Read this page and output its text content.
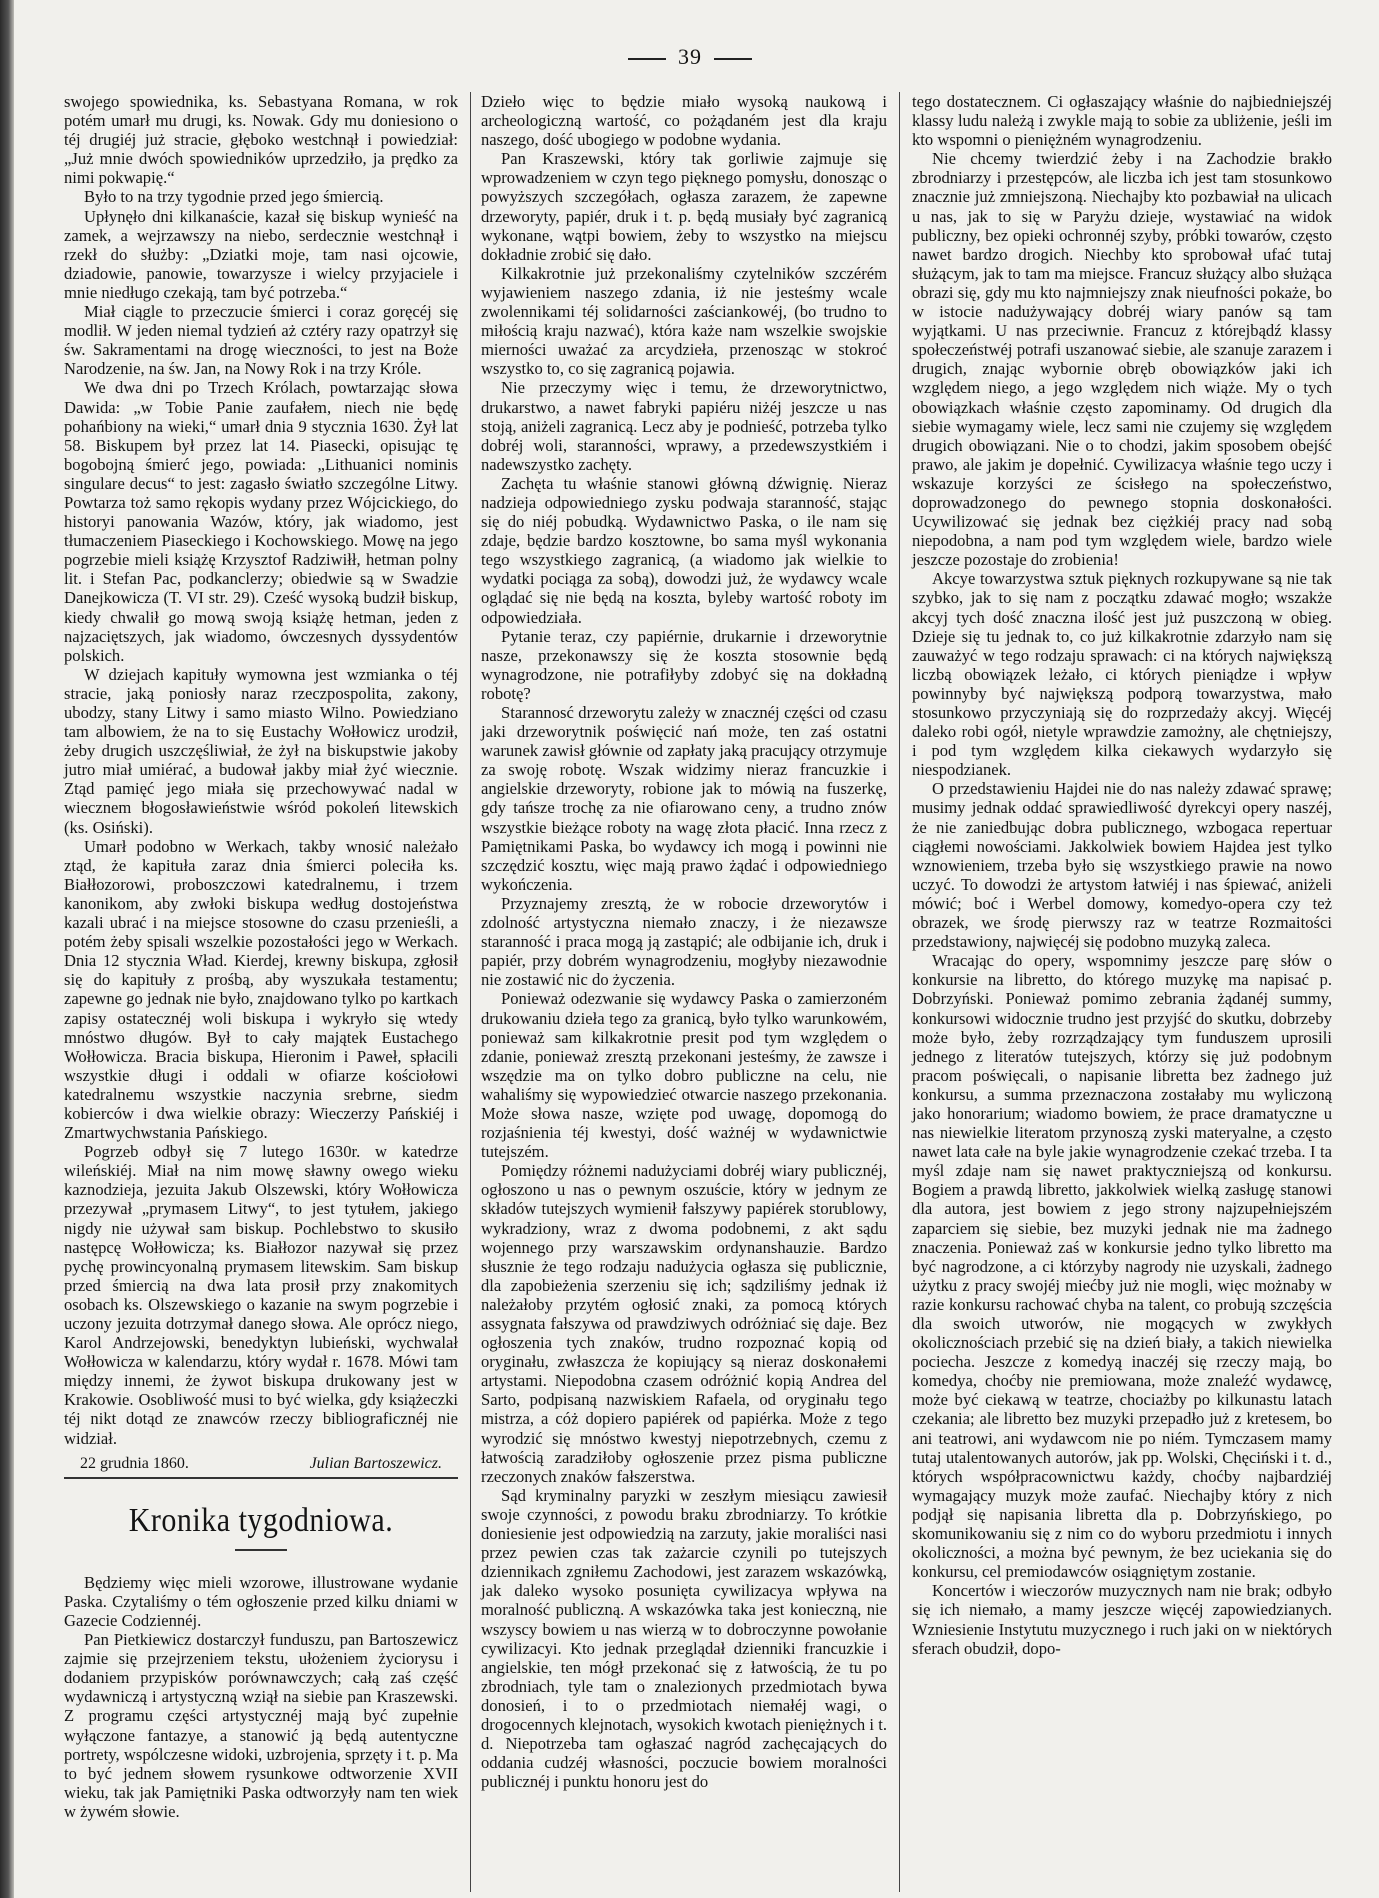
39

swojego spowiednika, ks. Sebastyana Romana, w rok potém umarł mu drugi, ks. Nowak. Gdy mu doniesiono o téj drugiéj już stracie, głęboko westchnął i powiedział: „Już mnie dwóch spowiedników uprzedziło, ja prędko za nimi pokwapię.“

Było to na trzy tygodnie przed jego śmiercią.

Upłynęło dni kilkanaście, kazał się biskup wynieść na zamek, a wejrzawszy na niebo, serdecznie westchnął i rzekł do służby: „Dziatki moje, tam nasi ojcowie, dziadowie, panowie, towarzysze i wielcy przyjaciele i mnie niedługo czekają, tam być potrzeba.“

Miał ciągle to przeczucie śmierci i coraz goręcéj się modlił. W jeden niemal tydzień aż cztéry razy opatrzył się św. Sakramentami na drogę wieczności, to jest na Boże Narodzenie, na św. Jan, na Nowy Rok i na trzy Króle.

We dwa dni po Trzech Królach, powtarzając słowa Dawida: „w Tobie Panie zaufałem, niech nie będę pohańbiony na wieki,“ umarł dnia 9 stycznia 1630. Żył lat 58. Biskupem był przez lat 14. Piasecki, opisując tę bogobojną śmierć jego, powiada: „Lithuanici nominis singulare decus“ to jest: zagasło światło szczególne Litwy. Powtarza toż samo rękopis wydany przez Wójcickiego, do historyi panowania Wazów, który, jak wiadomo, jest tłumaczeniem Piaseckiego i Kochowskiego. Mowę na jego pogrzebie mieli książę Krzysztof Radziwiłł, hetman polny lit. i Stefan Pac, podkanclerzy; obiedwie są w Swadzie Danejkowicza (T. VI str. 29). Cześć wysoką budził biskup, kiedy chwalił go mową swoją książę hetman, jeden z najzaciętszych, jak wiadomo, ówczesnych dyssydentów polskich.

W dziejach kapituły wymowna jest wzmianka o téj stracie, jaką poniosły naraz rzeczpospolita, zakony, ubodzy, stany Litwy i samo miasto Wilno. Powiedziano tam albowiem, że na to się Eustachy Wołłowicz urodził, żeby drugich uszczęśliwiał, że żył na biskupstwie jakoby jutro miał umiérać, a budował jakby miał żyć wiecznie. Ztąd pamięć jego miała się przechowywać nadal w wiecznem błogosławieństwie wśród pokoleń litewskich (ks. Osiński).

Umarł podobno w Werkach, takby wnosić należało ztąd, że kapituła zaraz dnia śmierci poleciła ks. Białłozorowi, proboszczowi katedralnemu, i trzem kanonikom, aby zwłoki biskupa według dostojeństwa kazali ubrać i na miejsce stosowne do czasu przenieśli, a potém żeby spisali wszelkie pozostałości jego w Werkach. Dnia 12 stycznia Wład. Kierdej, krewny biskupa, zgłosił się do kapituły z prośbą, aby wyszukała testamentu; zapewne go jednak nie było, znajdowano tylko po kartkach zapisy ostatecznéj woli biskupa i wykryło się wtedy mnóstwo długów. Był to cały majątek Eustachego Wołłowicza. Bracia biskupa, Hieronim i Paweł, spłacili wszystkie długi i oddali w ofiarze kościołowi katedralnemu wszystkie naczynia srebrne, siedm kobierców i dwa wielkie obrazy: Wieczerzy Pańskiéj i Zmartwychwstania Pańskiego.

Pogrzeb odbył się 7 lutego 1630r. w katedrze wileńskiéj. Miał na nim mowę sławny owego wieku kaznodzieja, jezuita Jakub Olszewski, który Wołłowicza przezywał „prymasem Litwy“, to jest tytułem, jakiego nigdy nie używał sam biskup. Pochlebstwo to skusiło następcę Wołłowicza; ks. Białłozor nazywał się przez pychę prowincyonalną prymasem litewskim. Sam biskup przed śmiercią na dwa lata prosił przy znakomitych osobach ks. Olszewskiego o kazanie na swym pogrzebie i uczony jezuita dotrzymał danego słowa. Ale oprócz niego, Karol Andrzejowski, benedyktyn lubieński, wychwalał Wołłowicza w kalendarzu, który wydał r. 1678. Mówi tam między innemi, że żywot biskupa drukowany jest w Krakowie. Osobliwość musi to być wielka, gdy książeczki téj nikt dotąd ze znawców rzeczy bibliograficznéj nie widział.

22 grudnia 1860.	Julian Bartoszewicz.
Kronika tygodniowa.

Będziemy więc mieli wzorowe, illustrowane wydanie Paska. Czytaliśmy o tém ogłoszenie przed kilku dniami w Gazecie Codziennéj.

Pan Pietkiewicz dostarczył funduszu, pan Bartoszewicz zajmie się przejrzeniem tekstu, ułożeniem życiorysu i dodaniem przypisków porównawczych; całą zaś część wydawniczą i artystyczną wziął na siebie pan Kraszewski. Z programu części artystycznéj mają być zupełnie wyłączone fantazye, a stanowić ją będą autentyczne portrety, wspólczesne widoki, uzbrojenia, sprzęty i t. p. Ma to być jednem słowem rysunkowe odtworzenie XVII wieku, tak jak Pamiętniki Paska odtworzyły nam ten wiek w żywém słowie.

Dzieło więc to będzie miało wysoką naukową i archeologiczną wartość, co pożądaném jest dla kraju naszego, dość ubogiego w podobne wydania.

Pan Kraszewski, który tak gorliwie zajmuje się wprowadzeniem w czyn tego pięknego pomysłu, donosząc o powyższych szczegółach, ogłasza zarazem, że zapewne drzeworyty, papiér, druk i t. p. będą musiały być zagranicą wykonane, wątpi bowiem, żeby to wszystko na miejscu dokładnie zrobić się dało.

Kilkakrotnie już przekonaliśmy czytelników szczérém wyjawieniem naszego zdania, iż nie jesteśmy wcale zwolennikami téj solidarności zaściankowéj, (bo trudno to miłością kraju nazwać), która każe nam wszelkie swojskie mierności uważać za arcydzieła, przenosząc w stokroć wszystko to, co się zagranicą pojawia.

Nie przeczymy więc i temu, że drzeworytnictwo, drukarstwo, a nawet fabryki papiéru niżéj jeszcze u nas stoją, aniżeli zagranicą. Lecz aby je podnieść, potrzeba tylko dobréj woli, staranności, wprawy, a przedewszystkiém i nadewszystko zachęty.

Zachęta tu właśnie stanowi główną dźwignię. Nieraz nadzieja odpowiedniego zysku podwaja staranność, stając się do niéj pobudką. Wydawnictwo Paska, o ile nam się zdaje, będzie bardzo kosztowne, bo sama myśl wykonania tego wszystkiego zagranicą, (a wiadomo jak wielkie to wydatki pociąga za sobą), dowodzi już, że wydawcy wcale oglądać się nie będą na koszta, byleby wartość roboty im odpowiedziała.

Pytanie teraz, czy papiérnie, drukarnie i drzeworytnie nasze, przekonawszy się że koszta stosownie będą wynagrodzone, nie potrafiłyby zdobyć się na dokładną robotę?

Starannosć drzeworytu zależy w znacznéj części od czasu jaki drzeworytnik poświęcić nań może, ten zaś ostatni warunek zawisł głównie od zapłaty jaką pracujący otrzymuje za swoję robotę. Wszak widzimy nieraz francuzkie i angielskie drzeworyty, robione jak to mówią na fuszerkę, gdy tańsze trochę za nie ofiarowano ceny, a trudno znów wszystkie bieżące roboty na wagę złota płacić. Inna rzecz z Pamiętnikami Paska, bo wydawcy ich mogą i powinni nie szczędzić kosztu, więc mają prawo żądać i odpowiedniego wykończenia.

Przyznajemy zresztą, że w robocie drzeworytów i zdolność artystyczna niemało znaczy, i że niezawsze staranność i praca mogą ją zastąpić; ale odbijanie ich, druk i papiér, przy dobrém wynagrodzeniu, mogłyby niezawodnie nie zostawić nic do życzenia.

Ponieważ odezwanie się wydawcy Paska o zamierzoném drukowaniu dzieła tego za granicą, było tylko warunkowém, ponieważ sam kilkakrotnie presit pod tym względem o zdanie, ponieważ zresztą przekonani jesteśmy, że zawsze i wszędzie ma on tylko dobro publiczne na celu, nie wahaliśmy się wypowiedzieć otwarcie naszego przekonania. Może słowa nasze, wzięte pod uwagę, dopomogą do rozjaśnienia téj kwestyi, dość ważnéj w wydawnictwie tutejszém.

Pomiędzy różnemi nadużyciami dobréj wiary publicznéj, ogłoszono u nas o pewnym oszuście, który w jednym ze składów tutejszych wymienił fałszywy papiérek storublowy, wykradziony, wraz z dwoma podobnemi, z akt sądu wojennego przy warszawskim ordynanshauzie. Bardzo słusznie że tego rodzaju nadużycia ogłasza się publicznie, dla zapobieżenia szerzeniu się ich; sądziliśmy jednak iż należałoby przytém ogłosić znaki, za pomocą których assygnata fałszywa od prawdziwych odróżniać się daje. Bez ogłoszenia tych znaków, trudno rozpoznać kopią od oryginału, zwłaszcza że kopiujący są nieraz doskonałemi artystami. Niepodobna czasem odróżnić kopią Andrea del Sarto, podpisaną nazwiskiem Rafaela, od oryginału tego mistrza, a cóż dopiero papiérek od papiérka. Może z tego wyrodzić się mnóstwo kwestyj niepotrzebnych, czemu z łatwością zaradziłoby ogłoszenie przez pisma publiczne rzeczonych znaków fałszerstwa.

Sąd kryminalny paryzki w zeszłym miesiącu zawiesił swoje czynności, z powodu braku zbrodniarzy. To krótkie doniesienie jest odpowiedzią na zarzuty, jakie moraliści nasi przez pewien czas tak zażarcie czynili po tutejszych dziennikach zgniłemu Zachodowi, jest zarazem wskazówką, jak daleko wysoko posunięta cywilizacya wpływa na moralność publiczną. A wskazówka taka jest konieczną, nie wszyscy bowiem u nas wierzą w to dobroczynne powołanie cywilizacyi. Kto jednak przeglądał dzienniki francuzkie i angielskie, ten mógł przekonać się z łatwością, że tu po zbrodniach, tyle tam o znalezionych przedmiotach bywa donosień, i to o przedmiotach niemałéj wagi, o drogocennych klejnotach, wysokich kwotach pieniężnych i t. d. Niepotrzeba tam ogłaszać nagród zachęcających do oddania cudzéj własności, poczucie bowiem moralności publicznéj i punktu honoru jest do

tego dostatecznem. Ci ogłaszający właśnie do najbiedniejszéj klassy ludu należą i zwykle mają to sobie za ubliżenie, jeśli im kto wspomni o pieniężném wynagrodzeniu.

Nie chcemy twierdzić żeby i na Zachodzie brakło zbrodniarzy i przestępców, ale liczba ich jest tam stosunkowo znacznie już zmniejszoną. Niechajby kto pozbawiał na ulicach u nas, jak to się w Paryżu dzieje, wystawiać na widok publiczny, bez opieki ochronnéj szyby, próbki towarów, często nawet bardzo drogich. Niechby kto sprobował ufać tutaj służącym, jak to tam ma miejsce. Francuz służący albo służąca obrazi się, gdy mu kto najmniejszy znak nieufności pokaże, bo w istocie nadużywający dobréj wiary panów są tam wyjątkami. U nas przeciwnie. Francuz z którejbądź klassy społeczeństwéj potrafi uszanować siebie, ale szanuje zarazem i drugich, znając wybornie obręb obowiązków jaki ich względem niego, a jego względem nich wiąże. My o tych obowiązkach właśnie często zapominamy. Od drugich dla siebie wymagamy wiele, lecz sami nie czujemy się względem drugich obowiązani. Nie o to chodzi, jakim sposobem obejść prawo, ale jakim je dopełnić. Cywilizacya właśnie tego uczy i wskazuje korzyści ze ścisłego na społeczeństwo, doprowadzonego do pewnego stopnia doskonałości. Ucywilizować się jednak bez ciężkiéj pracy nad sobą niepodobna, a nam pod tym względem wiele, bardzo wiele jeszcze pozostaje do zrobienia!

Akcye towarzystwa sztuk pięknych rozkupywane są nie tak szybko, jak to się nam z początku zdawać mogło; wszakże akcyj tych dość znaczna ilość jest już puszczoną w obieg. Dzieje się tu jednak to, co już kilkakrotnie zdarzyło nam się zauważyć w tego rodzaju sprawach: ci na których największą liczbą obowiązek leżało, ci których pieniądze i wpływ powinnyby być największą podporą towarzystwa, mało stosunkowo przyczyniają się do rozprzedaży akcyj. Więcéj daleko robi ogół, nietyle wprawdzie zamożny, ale chętniejszy, i pod tym względem kilka ciekawych wydarzyło się niespodzianek.

O przedstawieniu Hajdei nie do nas należy zdawać sprawę; musimy jednak oddać sprawiedliwość dyrekcyi opery naszéj, że nie zaniedbując dobra publicznego, wzbogaca repertuar ciągłemi nowościami. Jakkolwiek bowiem Hajdea jest tylko wznowieniem, trzeba było się wszystkiego prawie na nowo uczyć. To dowodzi że artystom łatwiéj i nas śpiewać, aniżeli mówić; boć i Werbel domowy, komedyo-opera czy też obrazek, we środę pierwszy raz w teatrze Rozmaitości przedstawiony, najwięcéj się podobno muzyką zaleca.

Wracając do opery, wspomnimy jeszcze parę słów o konkursie na libretto, do którego muzykę ma napisać p. Dobrzyński. Ponieważ pomimo zebrania żądanéj summy, konkursowi widocznie trudno jest przyjść do skutku, dobrzeby może było, żeby rozrządzający tym funduszem uprosili jednego z literatów tutejszych, którzy się już podobnym pracom poświęcali, o napisanie libretta bez żadnego już konkursu, a summa przeznaczona zostałaby mu wyliczoną jako honorarium; wiadomo bowiem, że prace dramatyczne u nas niewielkie literatom przynoszą zyski materyalne, a często nawet lata całe na byle jakie wynagrodzenie czekać trzeba. I ta myśl zdaje nam się nawet praktyczniejszą od konkursu. Bogiem a prawdą libretto, jakkolwiek wielką zasługę stanowi dla autora, jest bowiem z jego strony najzupełniejszém zaparciem się siebie, bez muzyki jednak nie ma żadnego znaczenia. Ponieważ zaś w konkursie jedno tylko libretto ma być nagrodzone, a ci którzyby nagrody nie uzyskali, żadnego użytku z pracy swojéj miećby już nie mogli, więc możnaby w razie konkursu rachować chyba na talent, co probują szczęścia dla swoich utworów, nie mogących w zwykłych okolicznościach przebić się na dzień biały, a takich niewielka pociecha. Jeszcze z komedyą inaczéj się rzeczy mają, bo komedya, choćby nie premiowana, może znaleźć wydawcę, może być ciekawą w teatrze, chociażby po kilkunastu latach czekania; ale libretto bez muzyki przepadło już z kretesem, bo ani teatrowi, ani wydawcom nie po niém. Tymczasem mamy tutaj utalentowanych autorów, jak pp. Wolski, Chęciński i t. d., których współpracownictwu każdy, choćby najbardziéj wymagający muzyk może zaufać. Niechajby który z nich podjął się napisania libretta dla p. Dobrzyńskiego, po skomunikowaniu się z nim co do wyboru przedmiotu i innych okoliczności, a można być pewnym, że bez uciekania się do konkursu, cel premiodawców osiągniętym zostanie.

Koncertów i wieczorów muzycznych nam nie brak; odbyło się ich niemało, a mamy jeszcze więcéj zapowiedzianych. Wzniesienie Instytutu muzycznego i ruch jaki on w niektórych sferach obudził, dopo-
